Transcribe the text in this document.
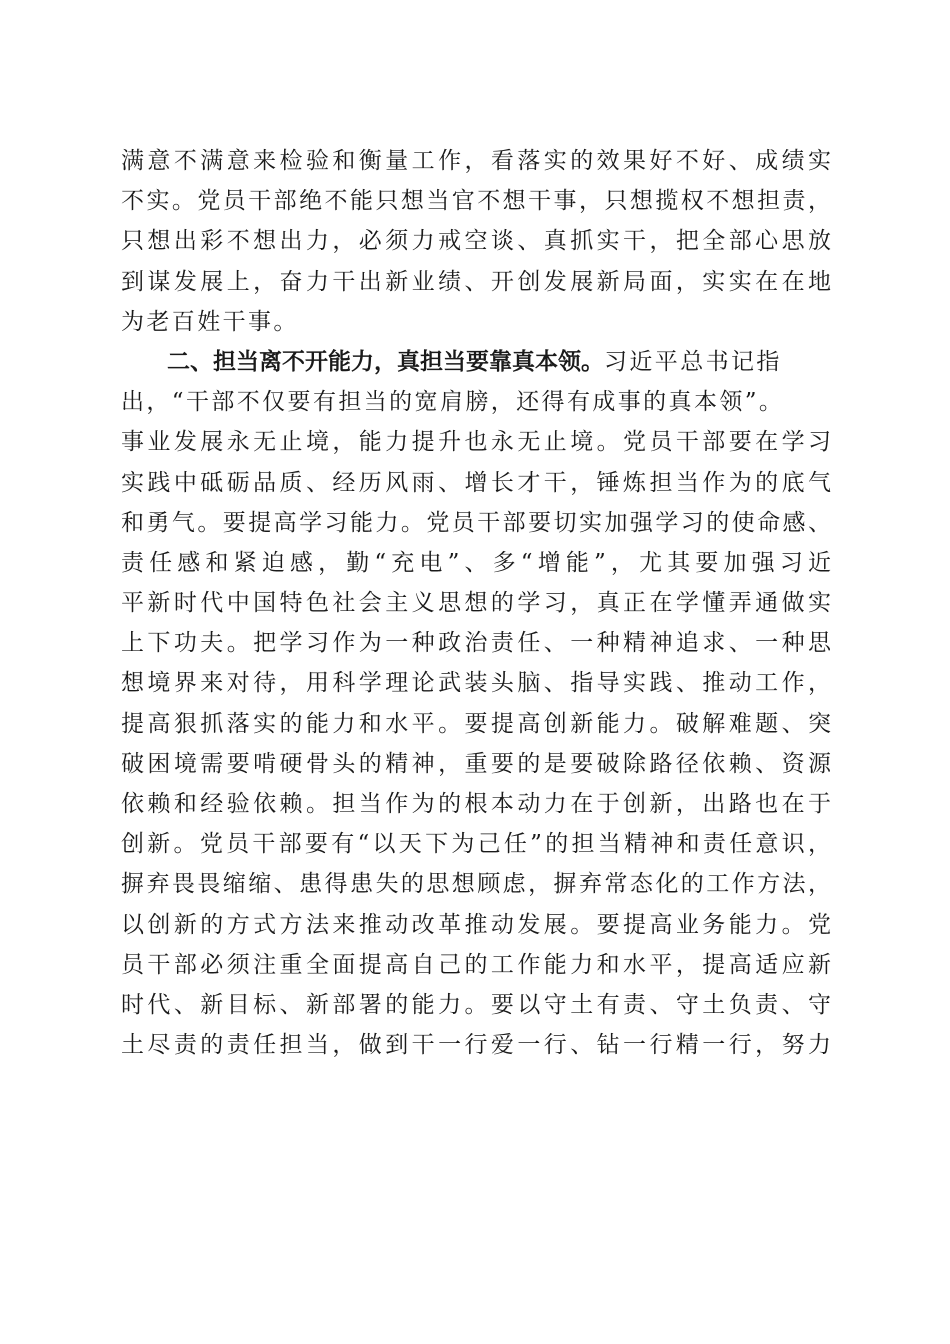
满意不满意来检验和衡量工作，看落实的效果好不好、成绩实
不实。党员干部绝不能只想当官不想干事，只想揽权不想担责，
只想出彩不想出力，必须力戒空谈、真抓实干，把全部心思放
到谋发展上，奋力干出新业绩、开创发展新局面，实实在在地
为老百姓干事。
二、担当离不开能力，真担当要靠真本领。习近平总书记指
出，“干部不仅要有担当的宽肩膀，还得有成事的真本领”。
事业发展永无止境，能力提升也永无止境。党员干部要在学习
实践中砥砺品质、经历风雨、增长才干，锤炼担当作为的底气
和勇气。要提高学习能力。党员干部要切实加强学习的使命感、
责任感和紧迫感，勤“充电”、多“增能”，尤其要加强习近
平新时代中国特色社会主义思想的学习，真正在学懂弄通做实
上下功夫。把学习作为一种政治责任、一种精神追求、一种思
想境界来对待，用科学理论武装头脑、指导实践、推动工作，
提高狠抓落实的能力和水平。要提高创新能力。破解难题、突
破困境需要啃硬骨头的精神，重要的是要破除路径依赖、资源
依赖和经验依赖。担当作为的根本动力在于创新，出路也在于
创新。党员干部要有“以天下为己任”的担当精神和责任意识，
摒弃畏畏缩缩、患得患失的思想顾虑，摒弃常态化的工作方法，
以创新的方式方法来推动改革推动发展。要提高业务能力。党
员干部必须注重全面提高自己的工作能力和水平，提高适应新
时代、新目标、新部署的能力。要以守土有责、守土负责、守
土尽责的责任担当，做到干一行爱一行、钻一行精一行，努力
